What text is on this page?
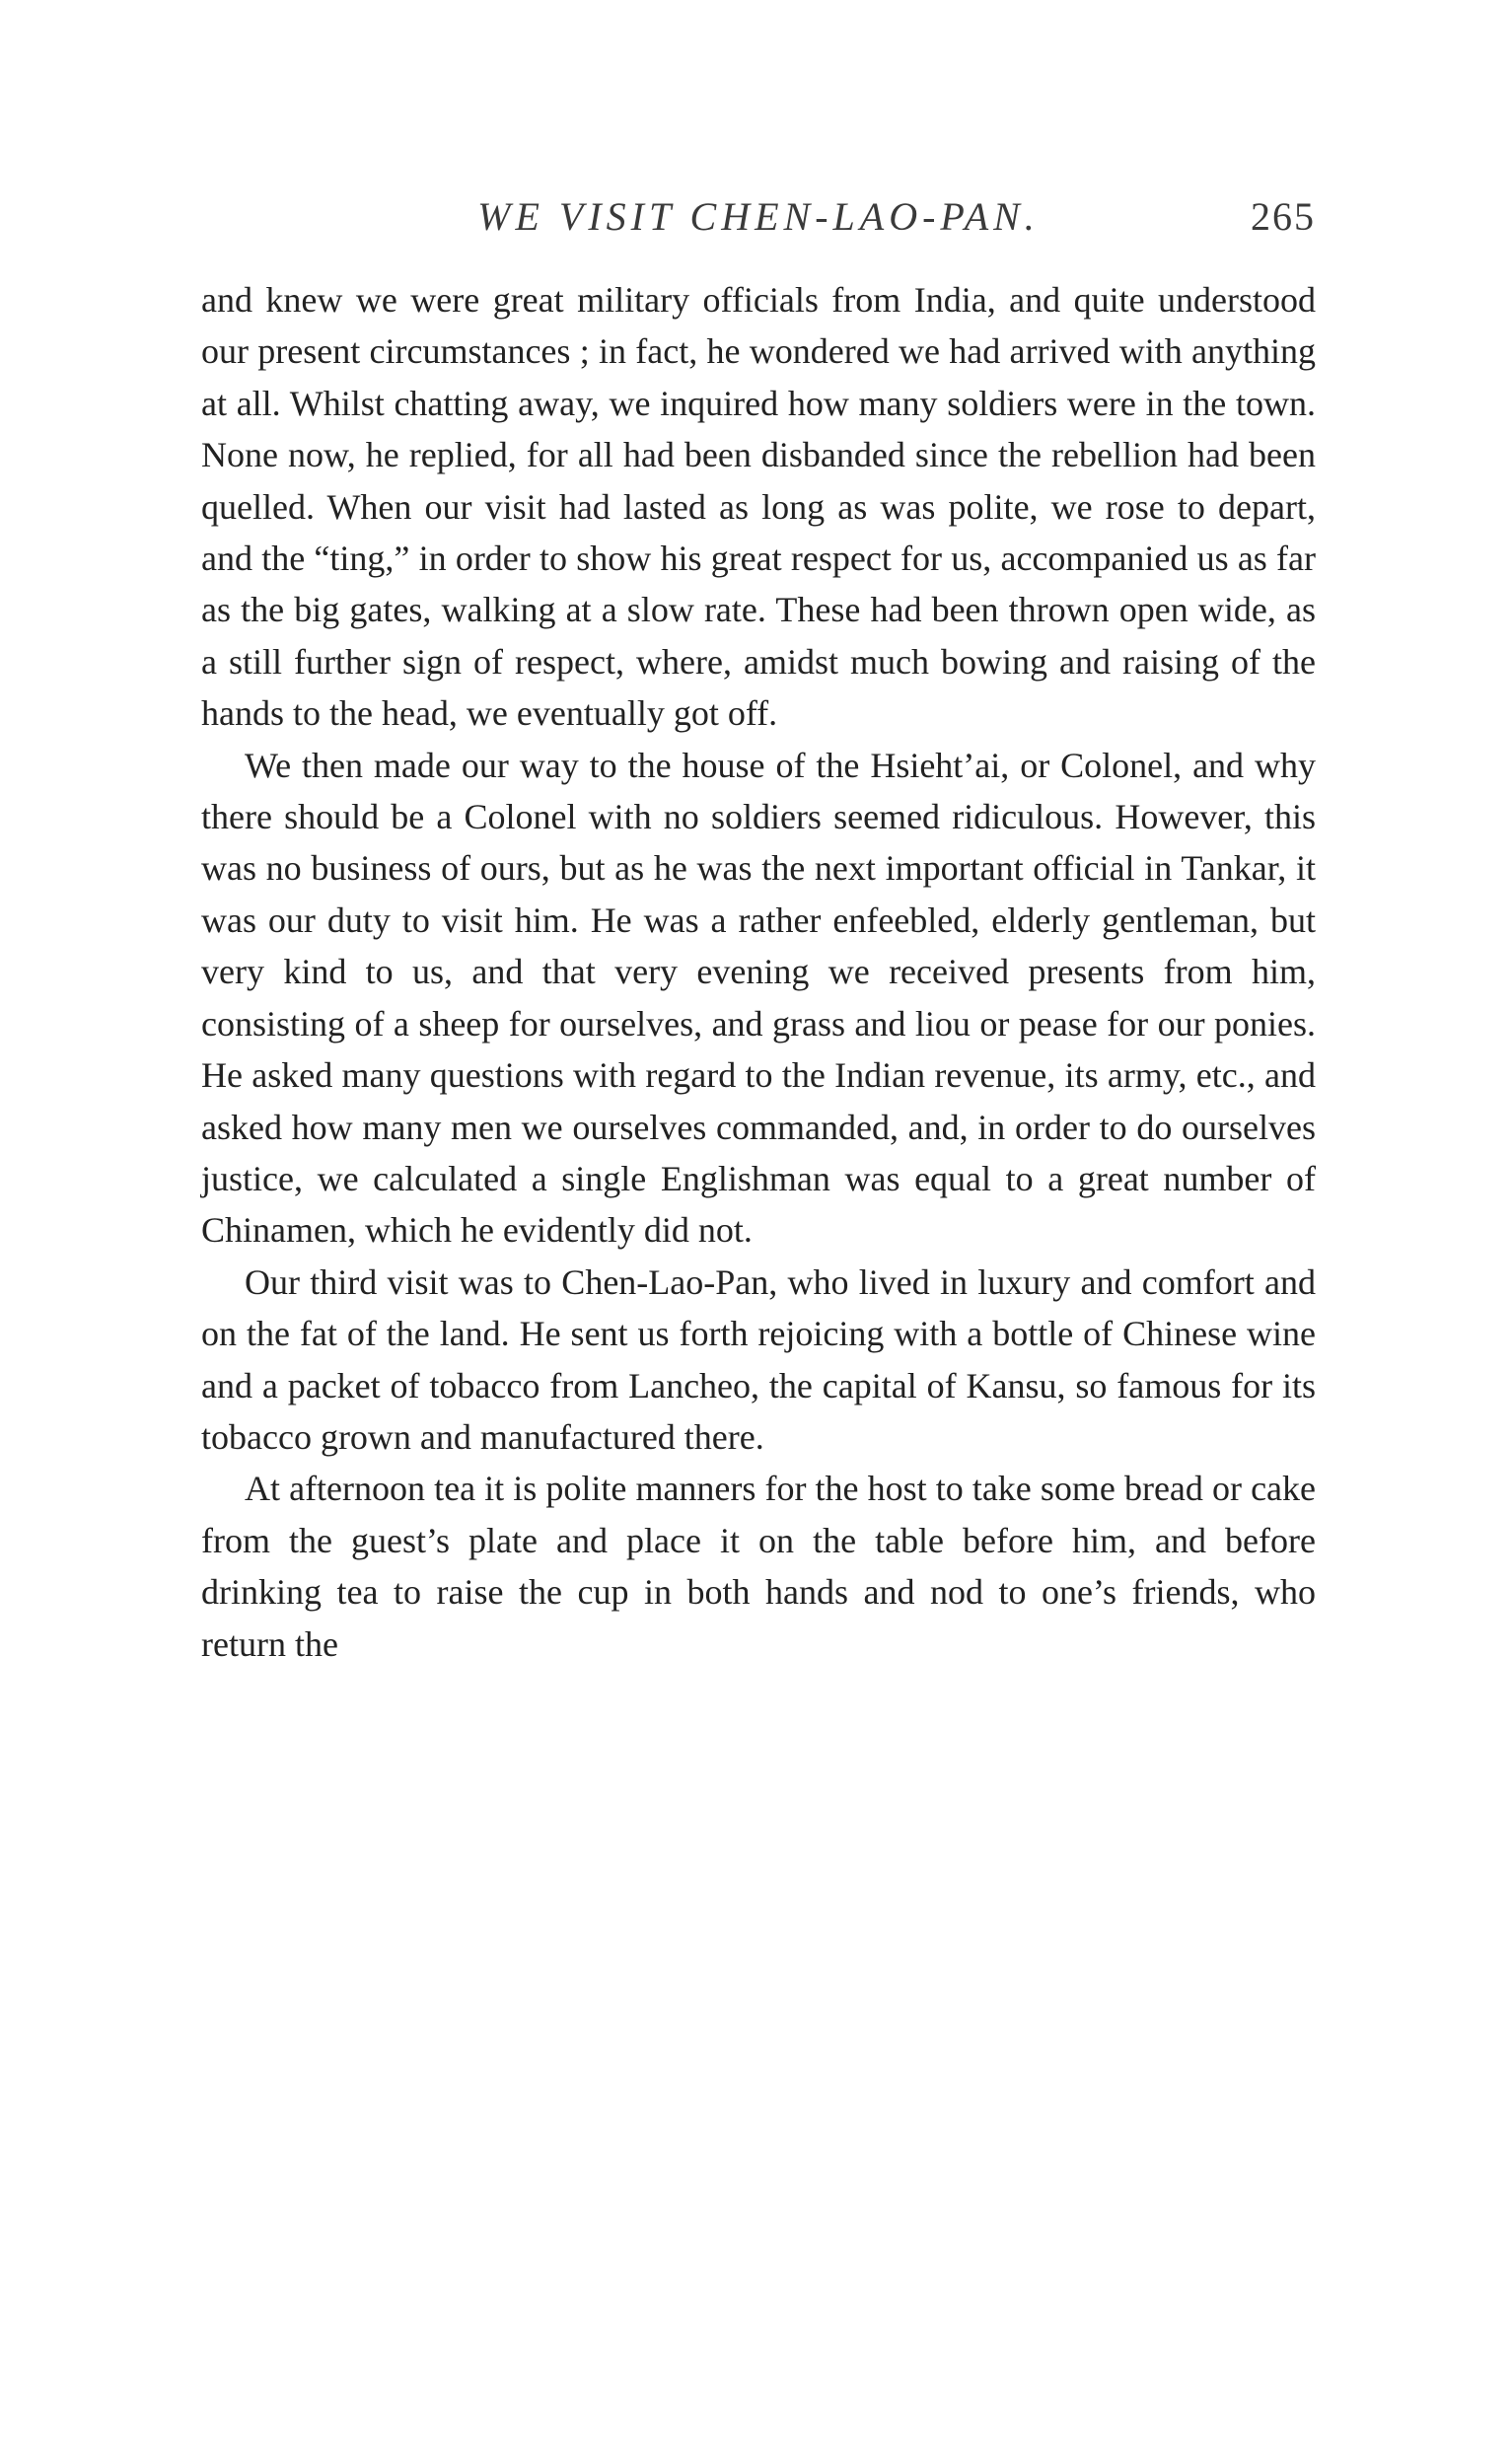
WE VISIT CHEN-LAO-PAN.	265

and knew we were great military officials from India, and quite understood our present circumstances ; in fact, he wondered we had arrived with anything at all. Whilst chatting away, we inquired how many soldiers were in the town. None now, he replied, for all had been disbanded since the rebellion had been quelled. When our visit had lasted as long as was polite, we rose to depart, and the “ting,” in order to show his great respect for us, accompanied us as far as the big gates, walking at a slow rate. These had been thrown open wide, as a still further sign of respect, where, amidst much bowing and raising of the hands to the head, we eventually got off.

We then made our way to the house of the Hsieht’ai, or Colonel, and why there should be a Colonel with no soldiers seemed ridiculous. However, this was no business of ours, but as he was the next important official in Tankar, it was our duty to visit him. He was a rather enfeebled, elderly gentleman, but very kind to us, and that very evening we received presents from him, consisting of a sheep for ourselves, and grass and liou or pease for our ponies. He asked many questions with regard to the Indian revenue, its army, etc., and asked how many men we ourselves commanded, and, in order to do ourselves justice, we calculated a single Englishman was equal to a great number of Chinamen, which he evidently did not.

Our third visit was to Chen-Lao-Pan, who lived in luxury and comfort and on the fat of the land. He sent us forth rejoicing with a bottle of Chinese wine and a packet of tobacco from Lancheo, the capital of Kansu, so famous for its tobacco grown and manufactured there.

At afternoon tea it is polite manners for the host to take some bread or cake from the guest’s plate and place it on the table before him, and before drinking tea to raise the cup in both hands and nod to one’s friends, who return the
